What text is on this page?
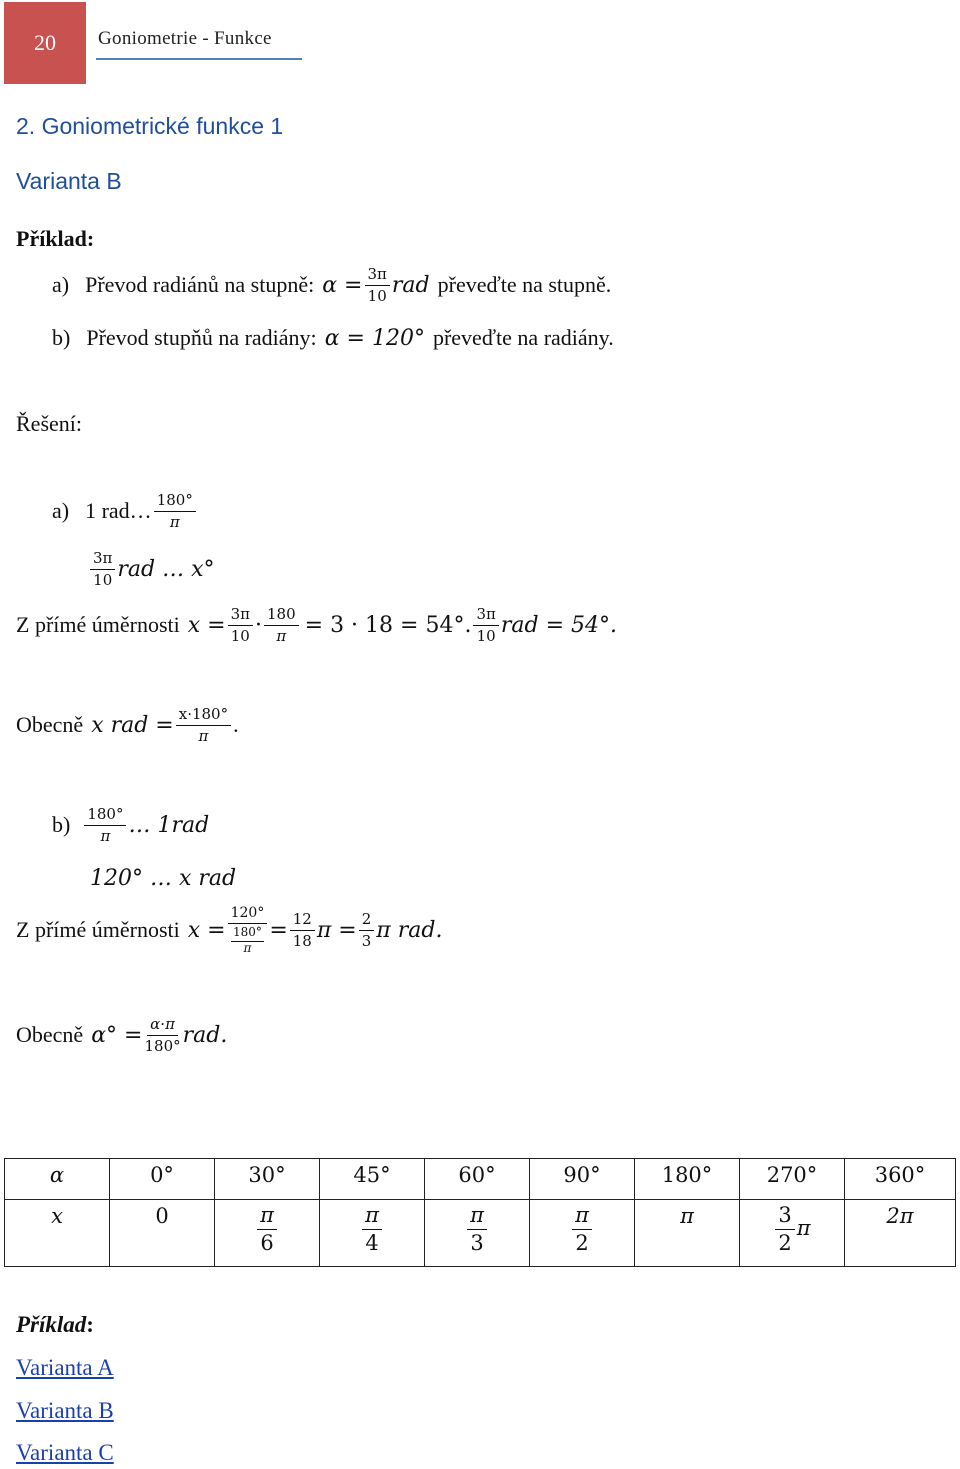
20 Goniometrie - Funkce
2. Goniometrické funkce 1
Varianta B
Příklad:
a) Převod radiánů na stupně: $\alpha = \frac{3\pi}{10}$ rad převeďte na stupně.
b) Převod stupňů na radiány: α = 120° převeďte na radiány.
Řešení:
a) 1 rad… $\frac{180^\circ}{\pi}$
$\frac{3\pi}{10}$ rad … x°
Z přímé úměrnosti $x = \frac{3\pi}{10} \cdot \frac{180}{\pi} = 3 \cdot 18 = 54^\circ$. $\frac{3\pi}{10}$ rad = 54°.
Obecně x rad = $\frac{x\cdot 180^\circ}{\pi}$ .
$b) \frac{180^\circ}{\pi}$ … 1rad
120° … x rad
Z přímé úměrnosti $x = \frac{120^\circ}{\frac{180^\circ}{\pi}} = \frac{12}{18}$ $\pi = \frac{2}{3}$ π rad.
Obecně $\alpha^\circ = \frac{\alpha\cdot\pi}{180^\circ}$ rad.
α	0°	30°	45°	60°	90°	180°	270°	360°
x	0	$\frac{\pi}{6}$	$\frac{\pi}{4}$	$\frac{\pi}{3}$	$\frac{\pi}{2}$	π	$\frac{3}{2}$ π	2π
Příklad:
Varianta A
Varianta B
Varianta C
